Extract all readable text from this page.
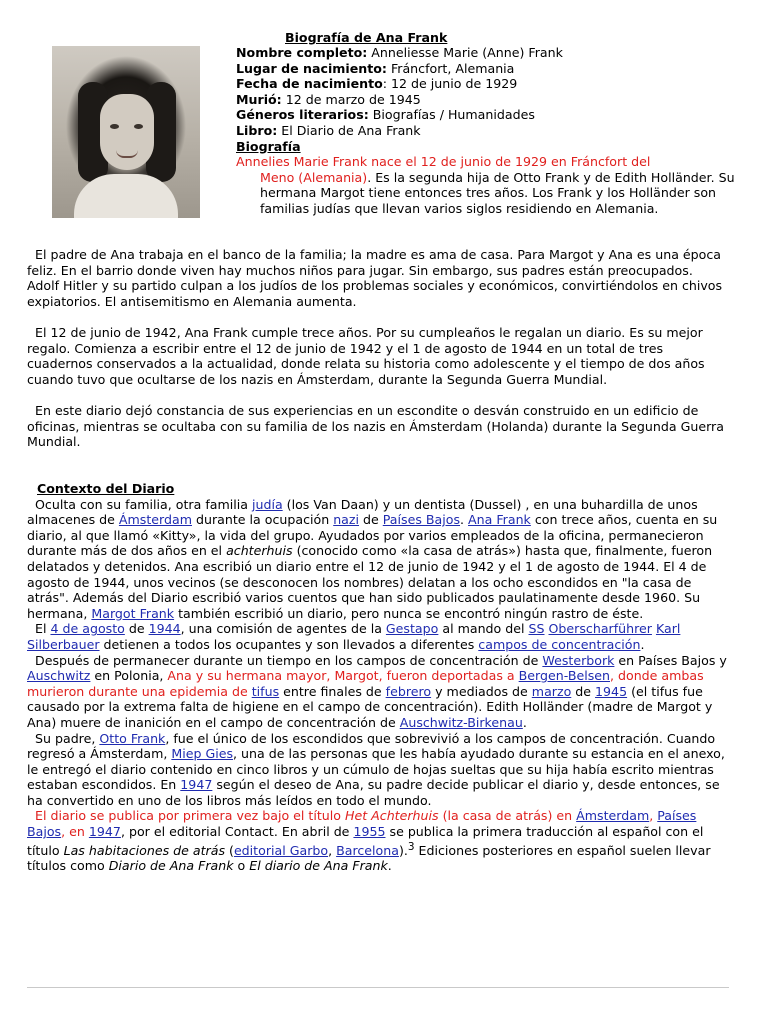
Biografía de Ana Frank
Nombre completo: Anneliesse Marie (Anne) Frank
Lugar de nacimiento: Fráncfort, Alemania
Fecha de nacimiento: 12 de junio de 1929
Murió: 12 de marzo de 1945
Géneros literarios: Biografías / Humanidades
Libro: El Diario de Ana Frank
Biografía
Annelies Marie Frank nace el 12 de junio de 1929 en Fráncfort del
Meno (Alemania). Es la segunda hija de Otto Frank y de Edith Holländer. Su hermana Margot tiene entonces tres años. Los Frank y los Holländer son familias judías que llevan varios siglos residiendo en Alemania.

El padre de Ana trabaja en el banco de la familia; la madre es ama de casa. Para Margot y Ana es una época feliz. En el barrio donde viven hay muchos niños para jugar. Sin embargo, sus padres están preocupados. Adolf Hitler y su partido culpan a los judíos de los problemas sociales y económicos, convirtiéndolos en chivos expiatorios. El antisemitismo en Alemania aumenta.

El 12 de junio de 1942, Ana Frank cumple trece años. Por su cumpleaños le regalan un diario. Es su mejor regalo. Comienza a escribir entre el 12 de junio de 1942 y el 1 de agosto de 1944 en un total de tres cuadernos conservados a la actualidad, donde relata su historia como adolescente y el tiempo de dos años cuando tuvo que ocultarse de los nazis en Ámsterdam, durante la Segunda Guerra Mundial.

En este diario dejó constancia de sus experiencias en un escondite o desván construido en un edificio de oficinas, mientras se ocultaba con su familia de los nazis en Ámsterdam (Holanda) durante la Segunda Guerra Mundial.

Contexto del Diario

Oculta con su familia, otra familia judía (los Van Daan) y un dentista (Dussel) , en una buhardilla de unos almacenes de Ámsterdam durante la ocupación nazi de Países Bajos. Ana Frank con trece años, cuenta en su diario, al que llamó «Kitty», la vida del grupo. Ayudados por varios empleados de la oficina, permanecieron durante más de dos años en el achterhuis (conocido como «la casa de atrás») hasta que, finalmente, fueron delatados y detenidos. Ana escribió un diario entre el 12 de junio de 1942 y el 1 de agosto de 1944. El 4 de agosto de 1944, unos vecinos (se desconocen los nombres) delatan a los ocho escondidos en "la casa de atrás". Además del Diario escribió varios cuentos que han sido publicados paulatinamente desde 1960. Su hermana, Margot Frank también escribió un diario, pero nunca se encontró ningún rastro de éste.

El 4 de agosto de 1944, una comisión de agentes de la Gestapo al mando del SS Oberscharführer Karl Silberbauer detienen a todos los ocupantes y son llevados a diferentes campos de concentración.

Después de permanecer durante un tiempo en los campos de concentración de Westerbork en Países Bajos y Auschwitz en Polonia, Ana y su hermana mayor, Margot, fueron deportadas a Bergen-Belsen, donde ambas murieron durante una epidemia de tifus entre finales de febrero y mediados de marzo de 1945 (el tifus fue causado por la extrema falta de higiene en el campo de concentración). Edith Holländer (madre de Margot y Ana) muere de inanición en el campo de concentración de Auschwitz-Birkenau.

Su padre, Otto Frank, fue el único de los escondidos que sobrevivió a los campos de concentración. Cuando regresó a Ámsterdam, Miep Gies, una de las personas que les había ayudado durante su estancia en el anexo, le entregó el diario contenido en cinco libros y un cúmulo de hojas sueltas que su hija había escrito mientras estaban escondidos. En 1947 según el deseo de Ana, su padre decide publicar el diario y, desde entonces, se ha convertido en uno de los libros más leídos en todo el mundo.

El diario se publica por primera vez bajo el título Het Achterhuis (la casa de atrás) en Ámsterdam, Países Bajos, en 1947, por el editorial Contact. En abril de 1955 se publica la primera traducción al español con el título Las habitaciones de atrás (editorial Garbo, Barcelona).$^3$ Ediciones posteriores en español suelen llevar títulos como Diario de Ana Frank o El diario de Ana Frank.
